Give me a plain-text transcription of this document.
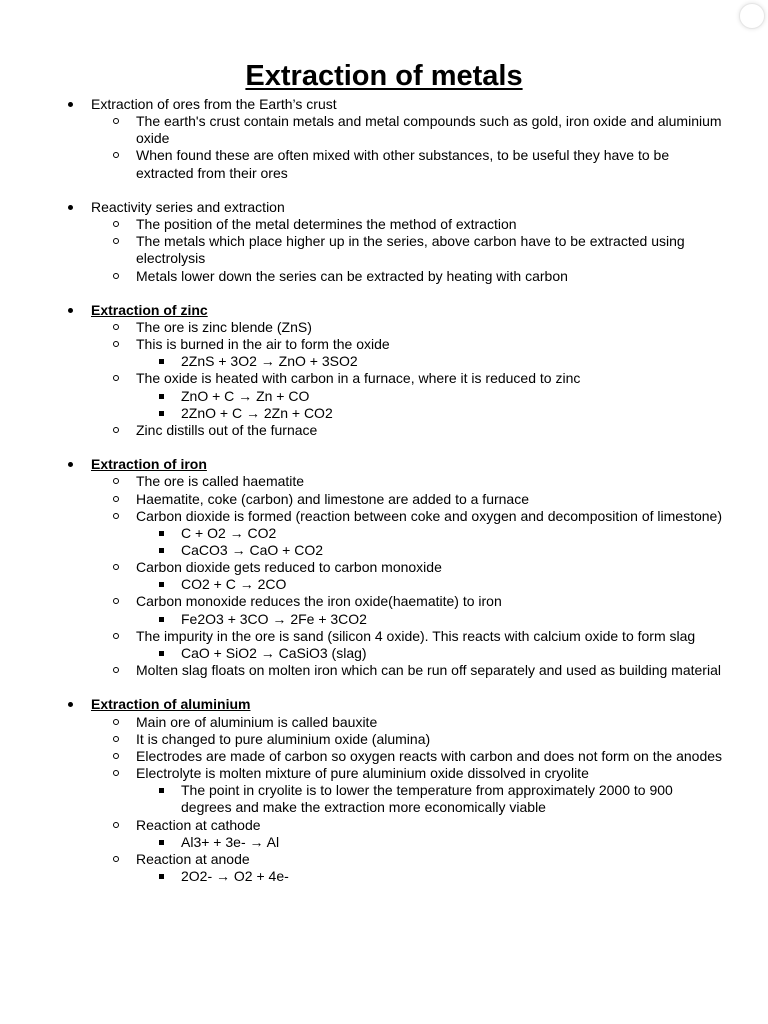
Extraction of metals
Extraction of ores from the Earth’s crust
The earth's crust contain metals and metal compounds such as gold, iron oxide and aluminium oxide
When found these are often mixed with other substances, to be useful they have to be extracted from their ores
Reactivity series and extraction
The position of the metal determines the method of extraction
The metals which place higher up in the series, above carbon have to be extracted using electrolysis
Metals lower down the series can be extracted by heating with carbon
Extraction of zinc
The ore is zinc blende (ZnS)
This is burned in the air to form the oxide
2ZnS + 3O2 → ZnO + 3SO2
The oxide is heated with carbon in a furnace, where it is reduced to zinc
ZnO + C → Zn + CO
2ZnO + C → 2Zn + CO2
Zinc distills out of the furnace
Extraction of iron
The ore is called haematite
Haematite, coke (carbon) and limestone are added to a furnace
Carbon dioxide is formed (reaction between coke and oxygen and decomposition of limestone)
C + O2 → CO2
CaCO3 → CaO + CO2
Carbon dioxide gets reduced to carbon monoxide
CO2 + C → 2CO
Carbon monoxide reduces the iron oxide(haematite) to iron
Fe2O3 + 3CO → 2Fe + 3CO2
The impurity in the ore is sand (silicon 4 oxide). This reacts with calcium oxide to form slag
CaO + SiO2 → CaSiO3 (slag)
Molten slag floats on molten iron which can be run off separately and used as building material
Extraction of aluminium
Main ore of aluminium is called bauxite
It is changed to pure aluminium oxide (alumina)
Electrodes are made of carbon so oxygen reacts with carbon and does not form on the anodes
Electrolyte is molten mixture of pure aluminium oxide dissolved in cryolite
The point in cryolite is to lower the temperature from approximately 2000 to 900 degrees and make the extraction more economically viable
Reaction at cathode
Al3+ + 3e- → Al
Reaction at anode
2O2- → O2 + 4e-
